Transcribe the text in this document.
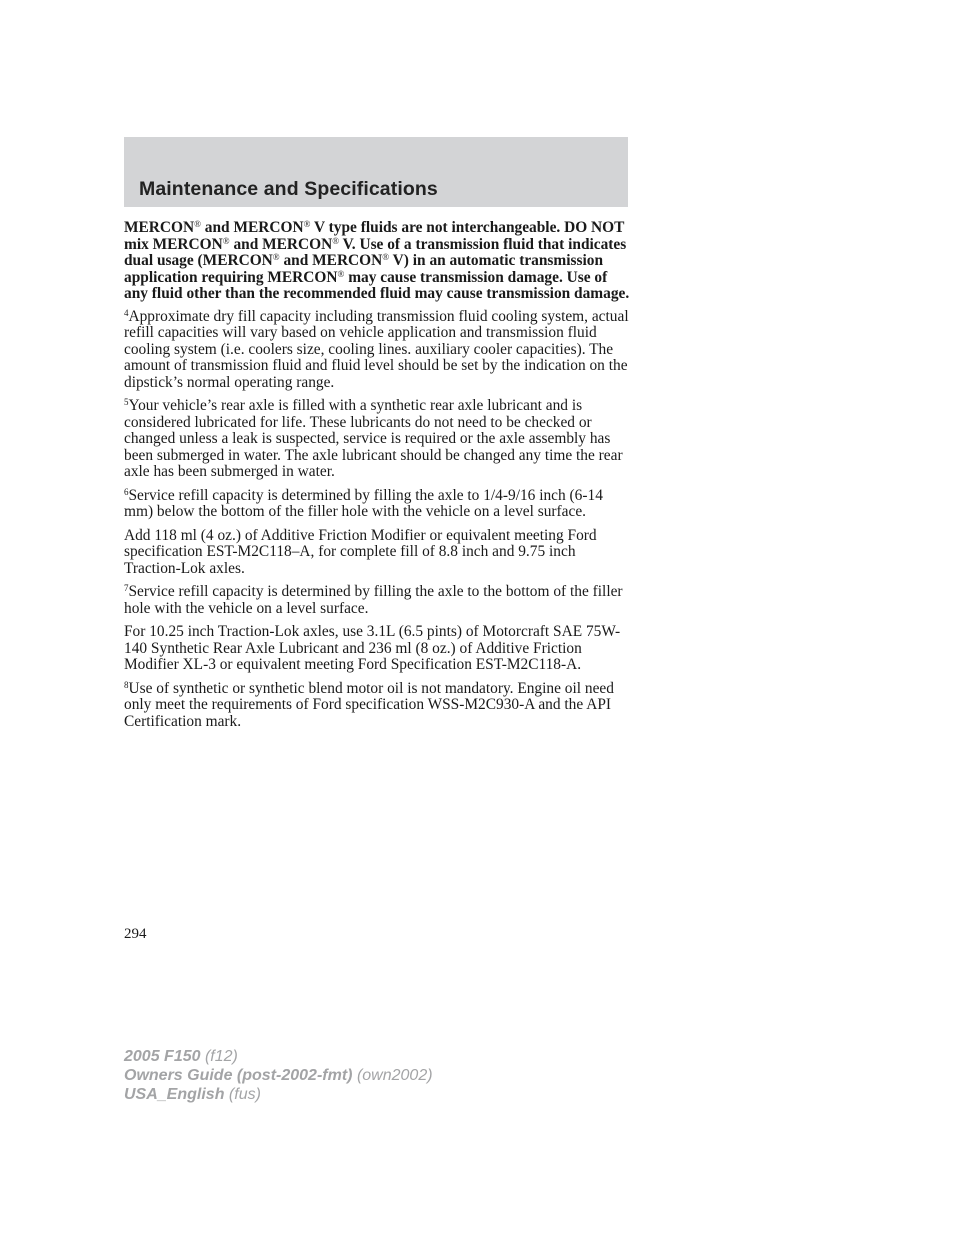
Maintenance and Specifications

MERCON® and MERCON® V type fluids are not interchangeable. DO NOT mix MERCON® and MERCON® V. Use of a transmission fluid that indicates dual usage (MERCON® and MERCON® V) in an automatic transmission application requiring MERCON® may cause transmission damage. Use of any fluid other than the recommended fluid may cause transmission damage.

$^4$Approximate dry fill capacity including transmission fluid cooling system, actual refill capacities will vary based on vehicle application and transmission fluid cooling system (i.e. coolers size, cooling lines. auxiliary cooler capacities). The amount of transmission fluid and fluid level should be set by the indication on the dipstick’s normal operating range.

$^5$Your vehicle’s rear axle is filled with a synthetic rear axle lubricant and is considered lubricated for life. These lubricants do not need to be checked or changed unless a leak is suspected, service is required or the axle assembly has been submerged in water. The axle lubricant should be changed any time the rear axle has been submerged in water.

$^6$Service refill capacity is determined by filling the axle to 1/4-9/16 inch (6-14 mm) below the bottom of the filler hole with the vehicle on a level surface.

Add 118 ml (4 oz.) of Additive Friction Modifier or equivalent meeting Ford specification EST-M2C118–A, for complete fill of 8.8 inch and 9.75 inch Traction-Lok axles.

$^7$Service refill capacity is determined by filling the axle to the bottom of the filler hole with the vehicle on a level surface.

For 10.25 inch Traction-Lok axles, use 3.1L (6.5 pints) of Motorcraft SAE 75W-140 Synthetic Rear Axle Lubricant and 236 ml (8 oz.) of Additive Friction Modifier XL-3 or equivalent meeting Ford Specification EST-M2C118-A.

$^8$Use of synthetic or synthetic blend motor oil is not mandatory. Engine oil need only meet the requirements of Ford specification WSS-M2C930-A and the API Certification mark.

294
2005 F150 (f12)
Owners Guide (post-2002-fmt) (own2002)
USA_English (fus)
